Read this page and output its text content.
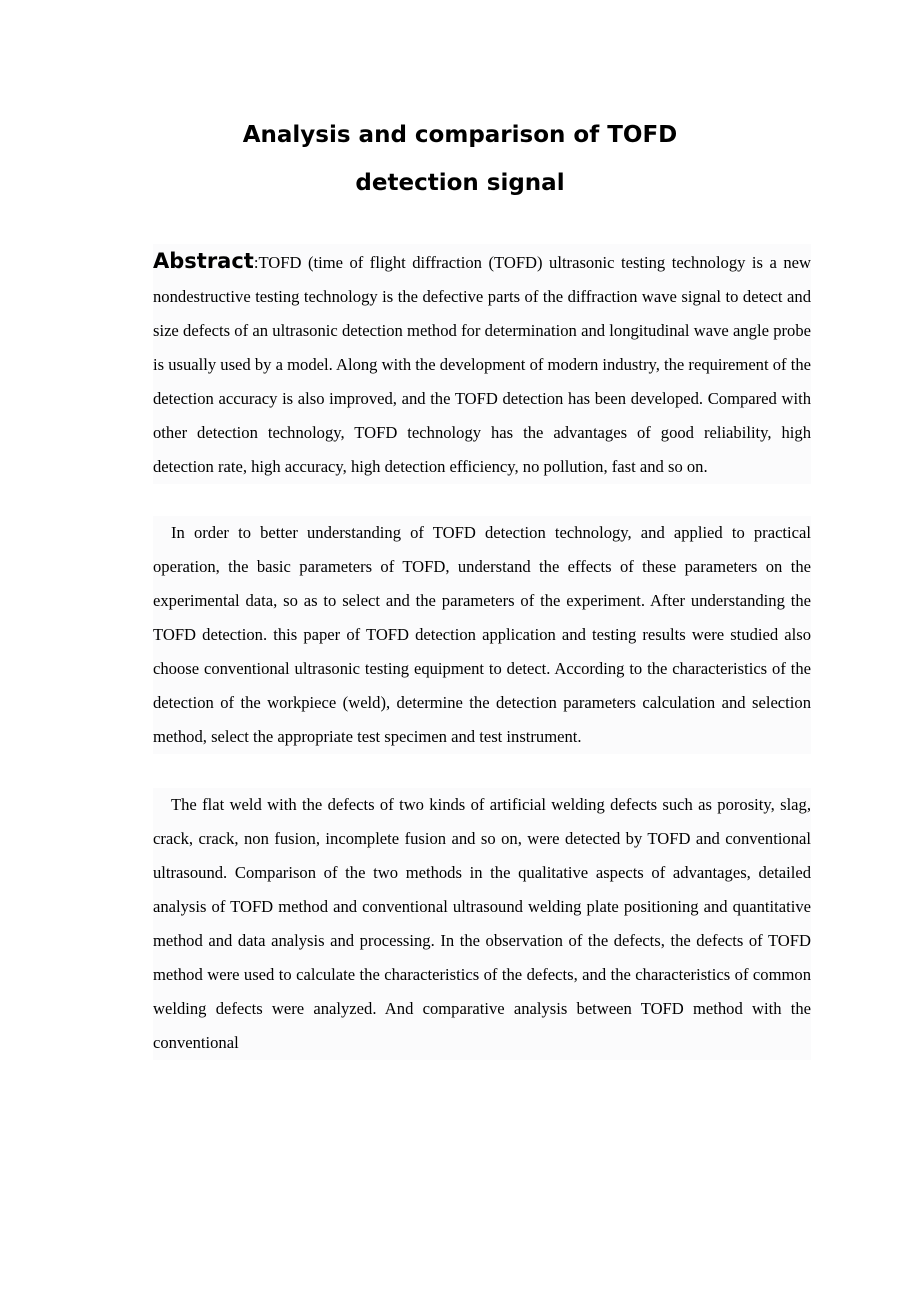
Analysis and comparison of TOFD
detection signal
Abstract:TOFD (time of flight diffraction (TOFD) ultrasonic testing technology is a new nondestructive testing technology is the defective parts of the diffraction wave signal to detect and size defects of an ultrasonic detection method for determination and longitudinal wave angle probe is usually used by a model. Along with the development of modern industry, the requirement of the detection accuracy is also improved, and the TOFD detection has been developed. Compared with other detection technology, TOFD technology has the advantages of good reliability, high detection rate, high accuracy, high detection efficiency, no pollution, fast and so on.
In order to better understanding of TOFD detection technology, and applied to practical operation, the basic parameters of TOFD, understand the effects of these parameters on the experimental data, so as to select and the parameters of the experiment. After understanding the TOFD detection. this paper of TOFD detection application and testing results were studied also choose conventional ultrasonic testing equipment to detect. According to the characteristics of the detection of the workpiece (weld), determine the detection parameters calculation and selection method, select the appropriate test specimen and test instrument.
The flat weld with the defects of two kinds of artificial welding defects such as porosity, slag, crack, crack, non fusion, incomplete fusion and so on, were detected by TOFD and conventional ultrasound. Comparison of the two methods in the qualitative aspects of advantages, detailed analysis of TOFD method and conventional ultrasound welding plate positioning and quantitative method and data analysis and processing. In the observation of the defects, the defects of TOFD method were used to calculate the characteristics of the defects, and the characteristics of common welding defects were analyzed. And comparative analysis between TOFD method with the conventional
